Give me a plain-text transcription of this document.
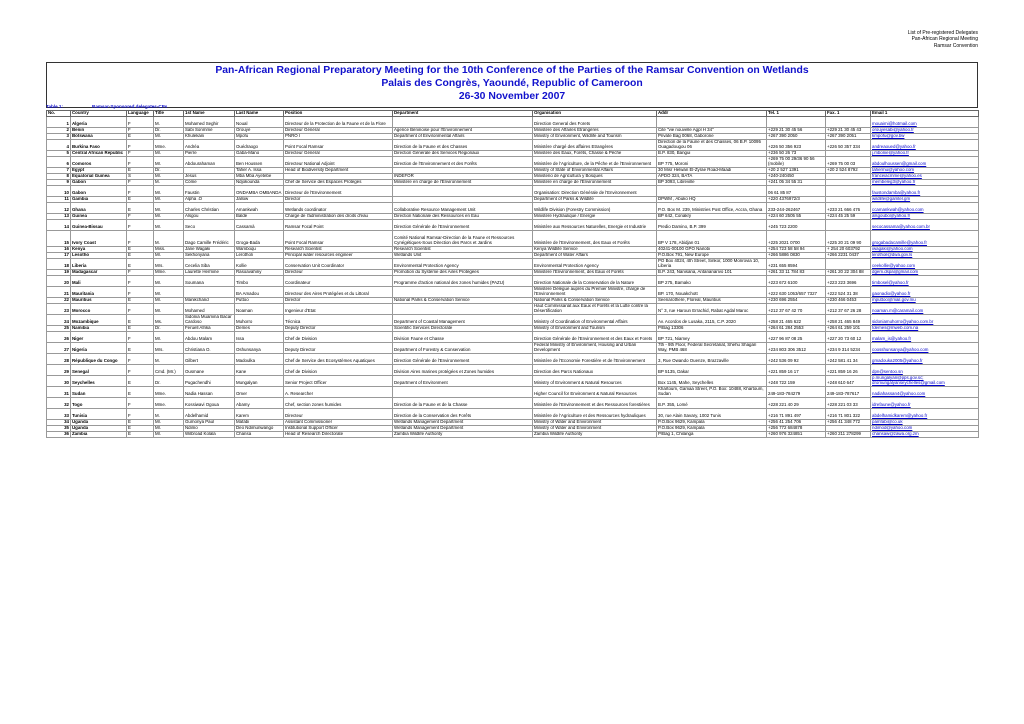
List of Pre-registered Delegates
Pan-African Regional Meeting
Ramsar Convention
Pan-African Regional Preparatory Meeting for the 10th Conference of the Parties of the Ramsar Convention on Wetlands
Palais des Congrès, Yaoundé, Republic of Cameroon
26-30 November 2007
Table 1:	Ramsar-Sponsored delegates-CPs
No.	Country	Language	Title	1st Name	Last Name	Position	Department	Organisation	Addr	Tel. 1	Fax. 1	Email 1
1	Algeria	F	M.	Mohamed Seghir	Noual	Directeur de la Protection de la Faune et de la Flore		Direction General des Forets				mouaimi@hotmail.com
2	Benin	F	Dr.	Sabi Sonmmè	Orouyé	Directeur Général	Agence Béninoise pour l'Environnement	Ministère des Affaires Etrangères	Cite "vie nouvelle Agpl H 34"	+229 21 30 45 56	+229 21 30 45 43	orouyesabi@yahoo.fr
3	Botswana	E	Mr.	Khulekani	Mpofu	PNRO I	Department of Environmental Affairs	Ministry of Environment, Wildlife and Tourism	Private Bag 0068, Gaborone	+267 390 2050	+267 390 2051	kmpofu@gov.bw
4	Burkina Faso	F	Mme.	Andréa	Ouédraogo	Point Focal Ramsar	Direction de la Faune et des Chasses	Ministère chargé des affaires Etrangères	Direction de la Faune et des Chasses, 06 B.P. 10095 Ouagadougou 06	+226 50 356 923	+226 50 357 334	andreaoued@yahoo.fr
5	Central African Republic	F	Mr.	Pierre	Gaba-Mano	Directeur Général	Direction Générale des Services Régionaux	Ministère des Eaux, Forêts, Chasse & Pêche	B.P. 830, Bangui	+236 50 26 73		j.mbonie@yahoo.fr
6	Comoros	F	Mr.	Abdourahaman	Ben Houssen	Directeur National Adjoint	Direction de l'Environnement et des Forêts	Ministère de l'Agriculture, de la Pêche et de l'Environnement	BP 775, Moroni	+269 75 00 29/36 90 56 (mobile)	+269 75 00 03	abdoulhoussen@gmail.com
7	Egypt	E	Dr.		Taher A. Issa	Head of Biodiversity Department		Ministry of State of Environmental Affairs	30 Misr Helwan El-Zyrae Road-Maadi	+20 2 527 1391	+20 2 524 8792	tahermu@yahoo.com
8	Equatorial Guinea	S	Mr.	Jesus	Mba Mba Ayetebe		INDEFOR	Ministerio de Agricultura y Bosques	APDO 324, BATA	+240-240450		franceiacmme@yahoo.es
9	Gabon	F	M.	Côme	Ndjokounda	Chef de Service des Espaces Protégés	Ministère en charge de l'Environnement	Ministère en charge de l'Environnement	BP 3093, Libreville	+241 05 34 55 31		membeleg3@yahoo.fr
10	Gabon	F	Mr.	Faustin	ONDAMBA OMBANDA	Directeur de l'Environnement		Organisation: Direction Générale de l'Environnement		06 61 85 87		faustondamba@yahoo.fr
11	Gambia	E	Mr.	Alpha .O	Jallow	Director		Department of Parks & Wildlife	DPWM , Abuko HQ	+220 4376972/3		wildlife@gamtel.gm
12	Ghana	E	Mr.	Charles Christian	Amankwah	Wetlands coordinator	Collaborative Resource Management Unit	Wildlife Division (Forestry Commission)	P.O. Box M. 239, Ministries Post Office, Accra, Ghana	233-244-262467	+233 21 666 476	ccamankwah@yahoo.com
13	Guinea	F	Mr.	Alsgou	Baldé	Chargé de l'administration des droits d'eau	Direction Nationale des Ressources en Eau	Ministère Hydraulique / Energie	BP 642, Conakry	+224 60 2505 55	+224 45 25 59	alsgoubo@yahoo.fr
14	Guinea-Bissau	F	Mr.	Seco	Cassamà	Ramsar Focal Point	Direction Générale de l'Environnement	Ministère aux Ressources Naturelles, Energie et Industrie	Predio Damino, B.P. 399	+245 723 2200		secocassama@yahoo.com.br
15	Ivory Coast	F	M.	Dago Camille Frédéric	Groga-Bada	Point Focal Ramsar	Comité National Ramsar-Direction de la Faune et Ressources Cynégétiques-Sous Direction des Parcs et Jardins	Ministère de l'Environnement, des Eaux et Forêts	BP V 178, Abidjan 01	+225 2021 0700	+225 20 21 09 90	grogabadacamille@yahoo.fr
16	Kenya	E	Miss.	Jane Wagaki	Wamboqu	Research Scientist	Research Scientist	Kenya Wildlife Service	40241-00100 GPO Nairobi	+254 723 58 58 94	+ 254 20 603792	iwagaki@yahoo.com
17	Lesotho	E	Mr.	Sekhonyana	Lerotholi	Principal water resources engineer	Wetlands Unit	Department of Water Affairs	P.O.Box 791, New Europe	+266 5886 0830	+266 2231 0437	lerothoil@dwa.gov.ls
18	Liberia	E	Mrs.	Cecelia Siba	Kollie	Conservation Unit Coordinator	Environmental Protection Agency	Environmental Protection Agency	PO Box 4024, 4th Street, Sinkor, 1000 Monrovia 10, Liberia	+231 655 8594		ceekollie@yahoo.com
19	Madagascar	F	Mme.	Laurette Hermine	Rasoavahiny	Directeur	Promotion du Système des Aires Protégées	Ministère l'Environnement, des Eaux et Forêts	B.P. 243, Nanisana, Antananarivo 101	+261 33 11 784 83	+261 20 22 304 88	dgem.dspa@gmail.com
20	Mali	F	Mr.	Soumana	Timbo	Coordinateur	Programme d'action national des zones humides (PAZU)	Direction Nationale de la Conservation de la Nature	BP 275, Bamako	+223 672 6100	+223 223 3696	timbosel@yahoo.fr
21	Mauritania	F	Mr.		BA Amadou	Directeur des Aires Protégées et du Littoral		Ministère Délégué auprès du Premier Ministre, chargé de l'Environnement	BP. 170, Nouakchott	+222 630 1053/657 7327	+222 524 31 38	gaonadio@yahoo.fr
22	Mauritius	E	Mr.	Manikchand	Puttoo	Director	National Parks & Conservation Service	National Parks & Conservation Service	Seenarothere, Floreal, Mauritius	+230 696 2554	+230 466 0453	mputtoo@mail.gov.mu
23	Morocco	F	Mr.	Mohamed	Noaman	Ingenieur d'Etat		Haut Commissariat aux Eaux et Forêts et la Lutte contre la Désertification	N° 3, rue Haroun Errachid, Rabat Agdal Maroc	+212 37 67 42 70	+212 37 67 26 28	noaman.m@caramail.com
24	Mozambique	E	Ms.	Sidónia Muamina Bacar Cardoso	Muhorro	Técnica	Department of Coastal Management	Ministry of Coordination of Environmental Affairs	Av. Acordos de Lusaka, 2115, C.P. 2020	+258 21 465 622	+258 21 465 849	sidoniamuhorro@yahoo.com.br
25	Namibia	E	Dr.	Feruell Afrika	Demes	Deputy Director	Scientific Services Directorate	Ministry of Environment and Tourism	P/Bag 13306	+264 61 284 2553	+264 61 259 101	fdemes@mweb.com.na
26	Niger	F	Mr.	Abdou Malam	Issa	Chef de Division	Division Faune et Chasse	Direction Générale de l'Environnement et des Eaux et Forets	BP 721, Niamey	+227 96 87 08 25	+227 20 73 60 12	malam_is@yahoo.fr
27	Nigeria	E	Mrs.	Christiana O.	Oshunsanya	Deputy Director	Department of Forestry & Conservation	Federal Ministry of Environment, Housing and Urban Development	7th - 9th Floor, Federal Secretariat, Shehu Shagari Way, PMB 468	+234 803 306 3512	+234 9 314 5234	coosshunsanya@yahoo.com
28	République du Congo	F	M.	Gilbert	Madoulka	Chef de Service des Ecosystèmes Aquatiques	Direction Générale de l'Environnement	Ministère de l'Economie Forestière et de l'Environnement	3, Rue Owando Ouenze, Brazzaville	+242 536 09 92	+242 581 41 34	gmadouka2005@yahoo.fr
29	Senegal	F	Cmd. (Mr.)	Ousmane	Kane	Chef de Division	Division Aires marines protégées et Zones humides	Direction des Parcs Nationaux	BP 5135, Dakar	+221 859 16 17	+221 859 16 26	dpn@sentoo.sn
30	Seychelles	E	Dr.	Pugachendhi	Mungalyan	Senior Project Officer	Department of Environment	Ministry of Environment & Natural Resources	Box 1145, Mahe, Seychelles	+248 722 159	+248 610 647	p.mungalyan@pps.gov.sc; dromungalyanseychelles@gmail.com
31	Sudan	E	Mme.	Nadia Hassan	Omer	A. Researcher		Higher Council for Environment & Natural Resources	Khartoum, Gamaa Street, P.O. Box: 10488, Khartoum, Sudan	249-183-784279	249-183-787617	nadiahassan4@yahoo.com
32	Togo	F	Mme.	Kossiwavi Ogoua	Abamy	Chef, section zones humides	Direction de la Faune et de la Chasse	Ministère de l'Environnement et des Ressources forestières	B.P. 355, Lomé	+228 221 40 29	+228 221 03 33	idrefaune@yahoo.fr
33	Tunisia	F	M.	Abdelhamid	Karem	Directeur	Direction de la Conservation des Forêts	Ministère de l'Agriculture et des Ressources hydrauliques	30, rue Alain Savary, 1002 Tunis	+216 71 891 497	+216 71 801 322	abdelhamidkarem@yahoo.fr
34	Uganda	E	Mr.	Gumonya Paul	Mafabi	Assistant Commissioner	Wetlands Management Department	Ministry of Water and Environment	P.O.Box 9629, Kampala	+256 41 254 706	+256 41 348 772	pamfabi@co.uk
35	Uganda	E	Mr.	Ndimo	Deo Ndimunwango	Institutional Support Officer	Wetlands Management Department	Ministry of Water and Environment	P.O.Box 9629, Kampala	+256 772 684878		ndimod@yahoo.com
36	Zambia	E	Mr.	Wilbroad Kolala	Chansa	Head of Research Directorate	Zambia Wildlife Authority	Zambia Wildlife Authority	P/Bag 1, Chilanga	+260 976 324851	+260 211 278299	chansaw@zawa.org.zm
